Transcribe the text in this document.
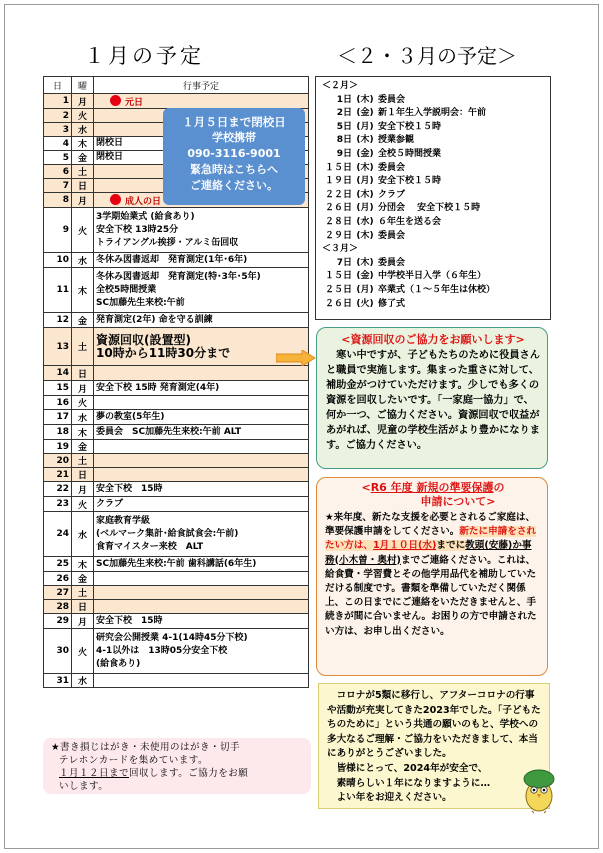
１月の予定	＜２・３月の予定＞
日	曜	行事予定
1	月	元日
2	火	

3	水	

4	木	閉校日

5	金	閉校日

6	土	

7	日	

8	月	成人の日
9	火	3学期始業式 (給食あり)
安全下校 13時25分
トライアングル挨拶・アルミ缶回収

10	水	冬休み図書返却　発育測定(1年･6年)

11	木	冬休み図書返却　発育測定(特･3年･5年)
全校5時間授業
SC加藤先生来校:午前

12	金	発育測定(2年) 命を守る訓練

13	土	資源回収(設置型)
10時から11時30分まで

14	日	

15	月	安全下校 15時 発育測定(4年)

16	火	

17	水	夢の教室(5年生)

18	木	委員会　SC加藤先生来校:午前 ALT

19	金	

20	土	

21	日	

22	月	安全下校　15時

23	火	クラブ

24	水	家庭教育学級
(ベルマーク集計･給食試食会:午前)
食育マイスター来校　ALT

25	木	SC加藤先生来校:午前 歯科講話(6年生)

26	金	

27	土	

28	日	

29	月	安全下校　15時

30	火	研究会公開授業 4-1(14時45分下校)
4-1以外は　13時05分安全下校
(給食あり)

31	水	
１月５日まで閉校日
学校携帯
090-3116-9001
緊急時はこちらへ
ご連絡ください。
★書き損じはがき・未使用のはがき・切手
テレホンカードを集めています。
１月１２日まで回収します。ご協力をお願
いします。
＜２月＞
　1日 (木) 委員会
　2日 (金) 新１年生入学説明会：午前
　5日 (月) 安全下校１５時
　8日 (木) 授業参観
　9日 (金) 全校５時間授業
１５日 (木) 委員会
１９日 (月) 安全下校１５時
２２日 (木) クラブ
２６日 (月) 分団会　 安全下校１５時
２８日 (水) ６年生を送る会
２９日 (木) 委員会
＜３月＞
　7日 (木) 委員会
１５日 (金) 中学校半日入学（６年生）
２５日 (月) 卒業式（１～５年生は休校）
２６日 (火) 修了式
<資源回収のご協力をお願いします>
　寒い中ですが、子どもたちのために役員さんと職員で実施します。集まった重さに対して、補助金がつけていただけます。少しでも多くの資源を回収したいです。「一家庭一協力」で、何か一つ、ご協力ください。資源回収で収益があがれば、児童の学校生活がより豊かになります。ご協力ください。
<R6 年度 新規の準要保護の
申請について>
★来年度、新たな支援を必要とされるご家庭は、準要保護申請をしてください。新たに申請をされたい方は、1月１０日(水)までに教頭(安藤)か事務(小木曽・奥村)までご連絡ください。これは、給食費・学習費とその他学用品代を補助していただける制度です。書類を準備していただく関係上、この日までにご連絡をいただきませんと、手続きが間に合いません。お困りの方で申請されたい方は、お申し出ください。
　コロナが5類に移行し、アフターコロナの行事や活動が充実してきた2023年でした。「子どもたちのために」という共通の願いのもと、学校への多大なるご理解・ご協力をいただきまして、本当にありがとうございました。
　皆様にとって、2024年が安全で、
　素晴らしい１年になりますように…
　よい年をお迎えください。
